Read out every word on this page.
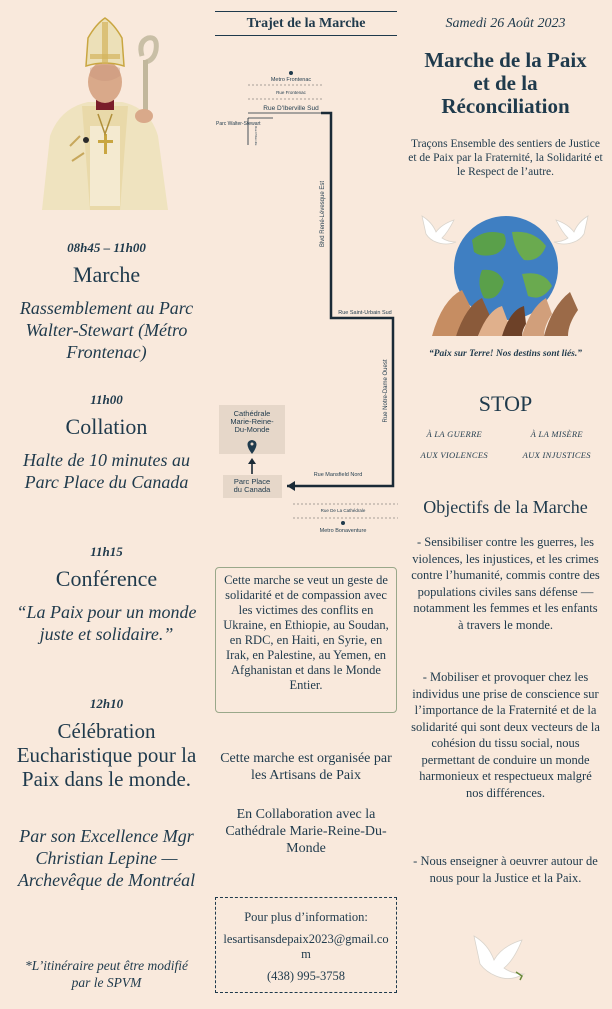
08h45 – 11h00
Marche
Rassemblement au Parc Walter-Stewart (Métro Frontenac)
11h00
Collation
Halte de 10 minutes au Parc Place du Canada
11h15
Conférence
“La Paix pour un monde juste et solidaire.”
12h10
Célébration Eucharistique pour la Paix dans le monde.
Par son Excellence Mgr Christian Lepine — Archevêque de Montréal
*L’itinéraire peut être modifié par le SPVM
Trajet de la Marche
Metro Frontenac
Rue Frontenac
Rue D'Iberville Sud
Parc Walter-Stewart
Rue D'Iberville
Blvd René-Lévesque Est
Rue Saint-Urbain Sud
Rue Notre-Dame Ouest
Cathédrale Marie-Reine-Du-Monde
Parc Place du Canada
Rue Mansfield Nord
Rue De La Cathédrale
Metro Bonaventure
Cette marche se veut un geste de solidarité et de compassion avec les victimes des conflits en Ukraine, en Ethiopie, au Soudan, en RDC, en Haiti, en Syrie, en Irak, en Palestine, au Yemen, en Afghanistan et dans le Monde Entier.
Cette marche est organisée par les Artisans de Paix
En Collaboration avec la Cathédrale Marie-Reine-Du-Monde
Pour plus d’information:
lesartisansdepaix2023@gmail.com
(438) 995-3758
Samedi 26 Août 2023
Marche de la Paix et de la Réconciliation
Traçons Ensemble des sentiers de Justice et de Paix par la Fraternité, la Solidarité et le Respect de l’autre.
“Paix sur Terre! Nos destins sont liés.”
STOP
À LA GUERRE	À LA MISÈRE
AUX VIOLENCES	AUX INJUSTICES
Objectifs de la Marche
- Sensibiliser contre les guerres, les violences, les injustices, et les crimes contre l’humanité, commis contre des populations civiles sans défense — notamment les femmes et les enfants à travers le monde.
- Mobiliser et provoquer chez les individus une prise de conscience sur l’importance de la Fraternité et de la solidarité qui sont deux vecteurs de la cohésion du tissu social, nous permettant de conduire un monde harmonieux et respectueux malgré nos différences.
- Nous enseigner à oeuvrer autour de nous pour la Justice et la Paix.
